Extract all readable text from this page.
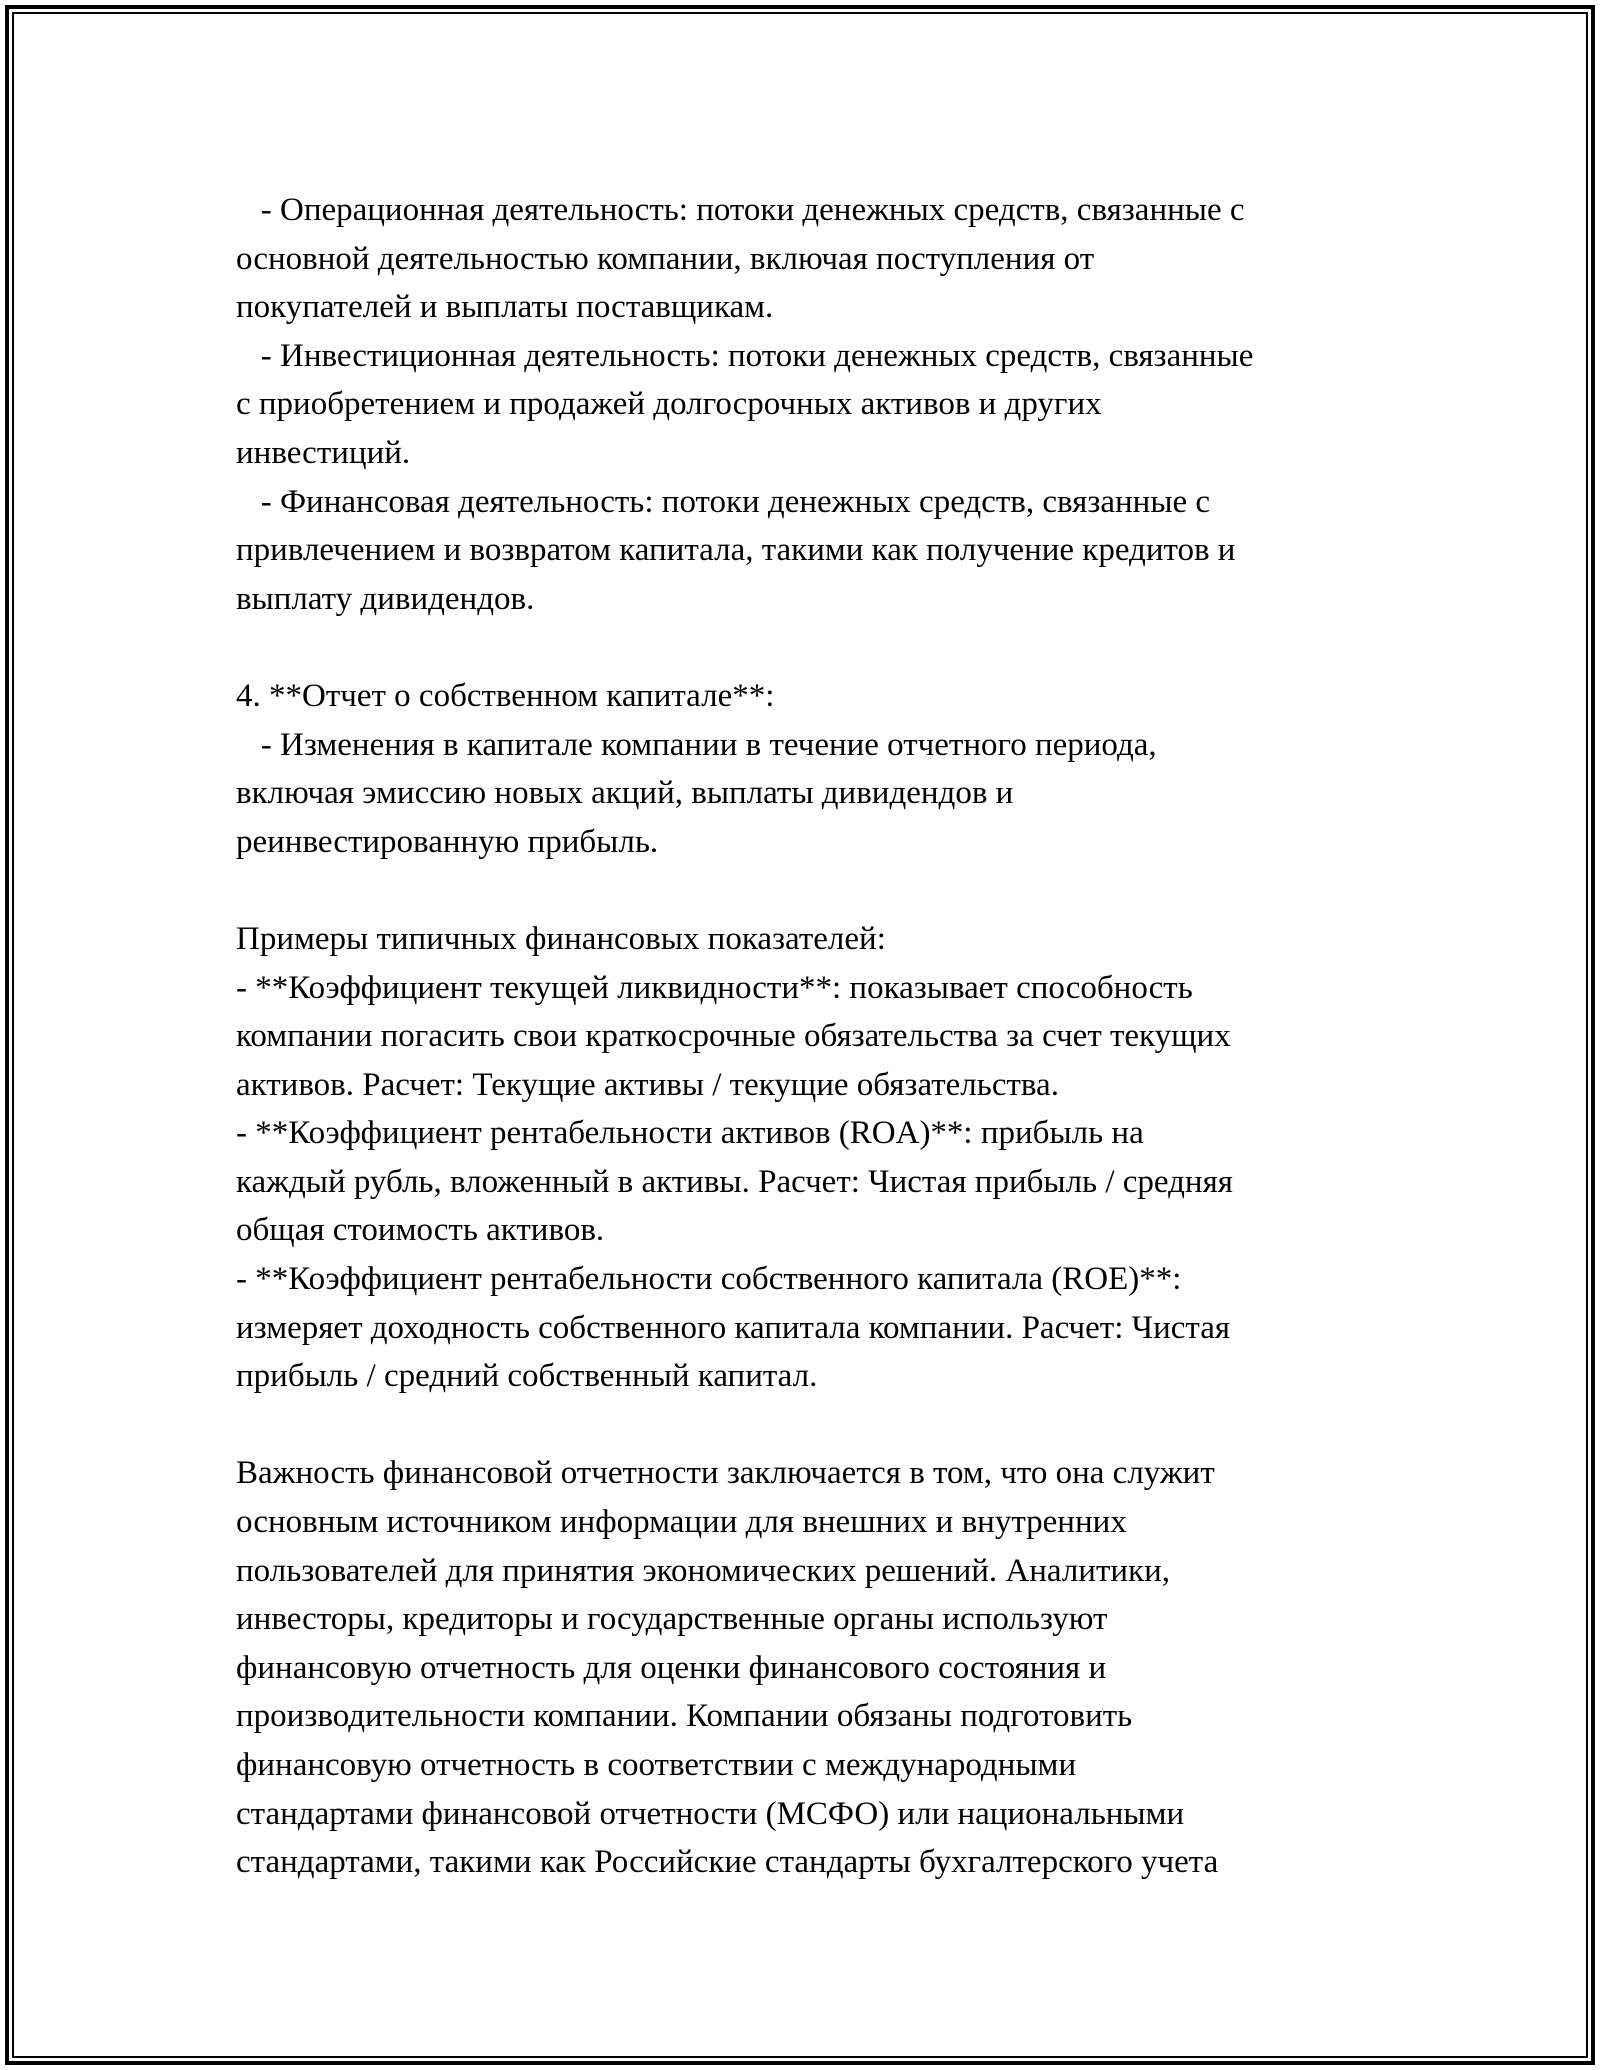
- Операционная деятельность: потоки денежных средств, связанные с
основной деятельностью компании, включая поступления от
покупателей и выплаты поставщикам.
- Инвестиционная деятельность: потоки денежных средств, связанные
с приобретением и продажей долгосрочных активов и других
инвестиций.
- Финансовая деятельность: потоки денежных средств, связанные с
привлечением и возвратом капитала, такими как получение кредитов и
выплату дивидендов.
4. **Отчет о собственном капитале**:
- Изменения в капитале компании в течение отчетного периода,
включая эмиссию новых акций, выплаты дивидендов и
реинвестированную прибыль.
Примеры типичных финансовых показателей:
- **Коэффициент текущей ликвидности**: показывает способность
компании погасить свои краткосрочные обязательства за счет текущих
активов. Расчет: Текущие активы / текущие обязательства.
- **Коэффициент рентабельности активов (ROA)**: прибыль на
каждый рубль, вложенный в активы. Расчет: Чистая прибыль / средняя
общая стоимость активов.
- **Коэффициент рентабельности собственного капитала (ROE)**:
измеряет доходность собственного капитала компании. Расчет: Чистая
прибыль / средний собственный капитал.
Важность финансовой отчетности заключается в том, что она служит
основным источником информации для внешних и внутренних
пользователей для принятия экономических решений. Аналитики,
инвесторы, кредиторы и государственные органы используют
финансовую отчетность для оценки финансового состояния и
производительности компании. Компании обязаны подготовить
финансовую отчетность в соответствии с международными
стандартами финансовой отчетности (МСФО) или национальными
стандартами, такими как Российские стандарты бухгалтерского учета
